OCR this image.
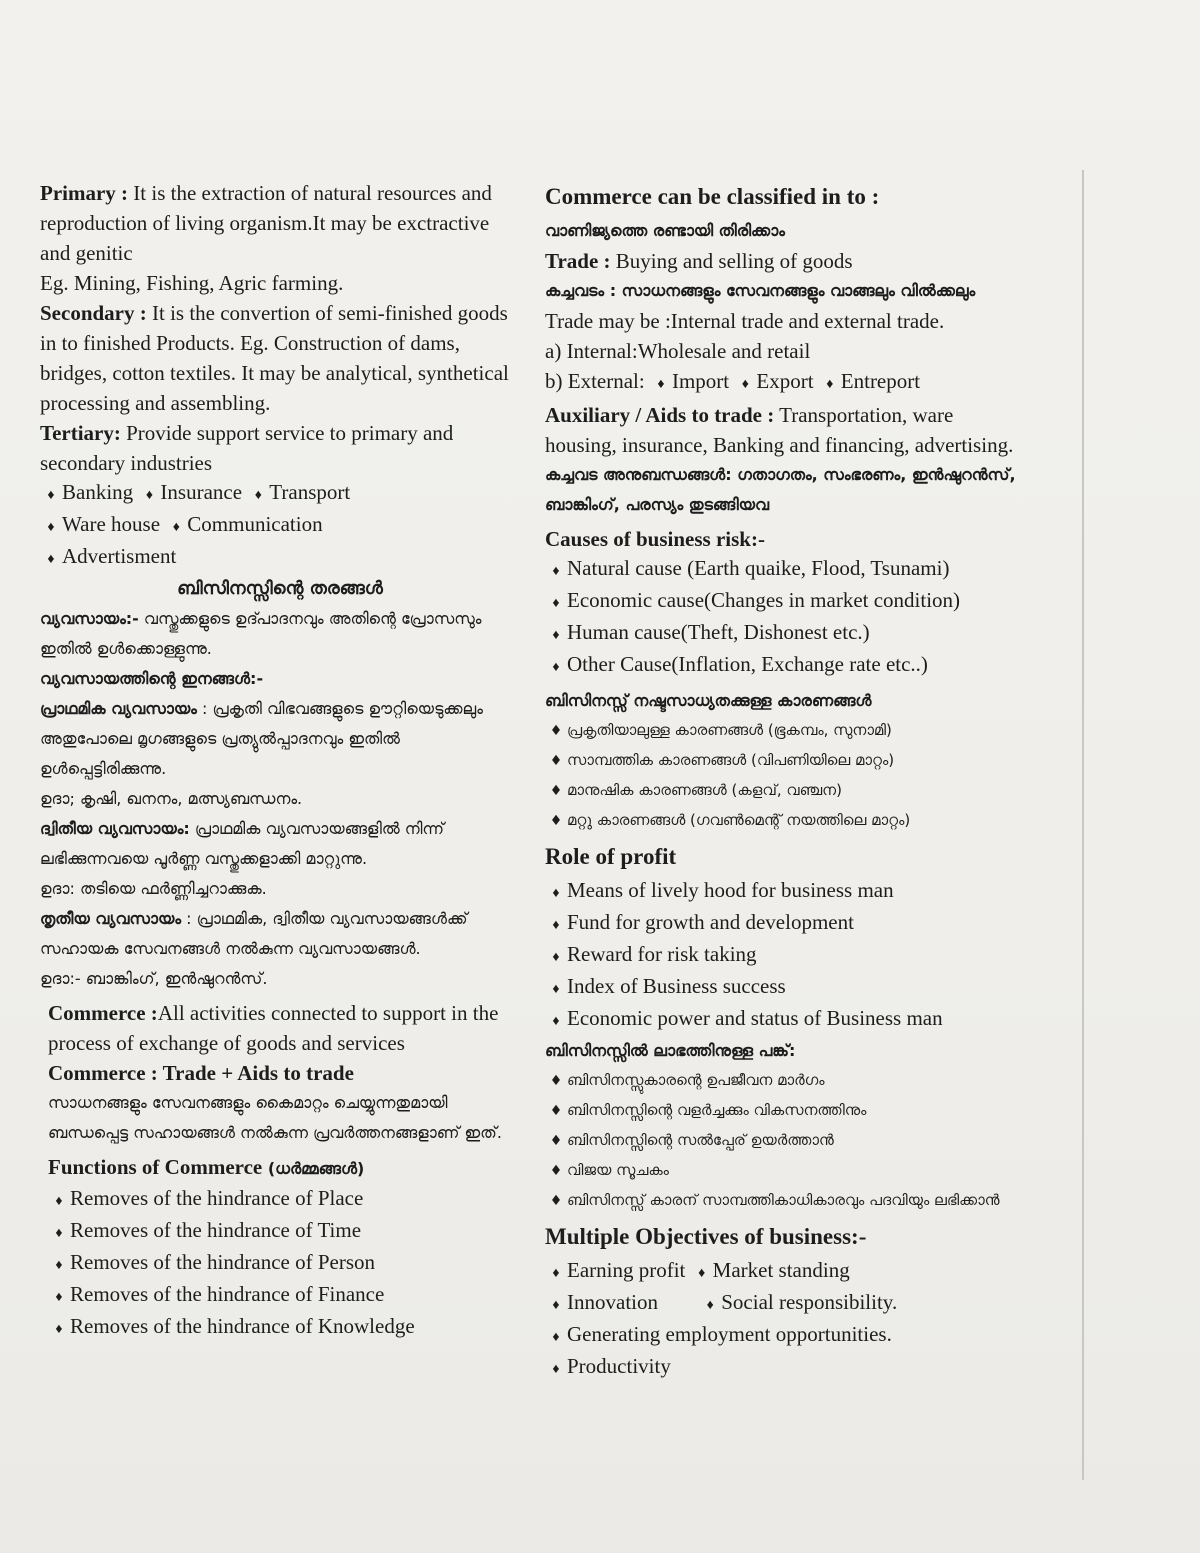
Primary : It is the extraction of natural resources and reproduction of living organism.It may be exctractive and genitic

Eg. Mining, Fishing, Agric farming.

Secondary : It is the convertion of semi-finished goods in to finished Products. Eg. Construction of dams, bridges, cotton textiles. It may be analytical, synthetical processing and assembling.

Tertiary: Provide support service to primary and secondary industries

♦ Banking ♦ Insurance ♦ Transport
♦ Ware house ♦ Communication
♦ Advertisment

ബിസിനസ്സിന്റെ തരങ്ങൾ

വ്യവസായം:- വസ്തുക്കളുടെ ഉദ്പാദനവും അതിന്റെ പ്രോസസും ഇതിൽ ഉൾക്കൊള്ളുന്നു.

വ്യവസായത്തിന്റെ ഇനങ്ങൾ:-

പ്രാഥമിക വ്യവസായം : പ്രകൃതി വിഭവങ്ങളുടെ ഊറ്റിയെടുക്കലും അതുപോലെ മൃഗങ്ങളുടെ പ്രത്യുൽപ്പാദനവും ഇതിൽ ഉൾപ്പെട്ടിരിക്കുന്നു.

ഉദാ; കൃഷി, ഖനനം, മത്സ്യബന്ധനം.

ദ്വിതീയ വ്യവസായം: പ്രാഥമിക വ്യവസായങ്ങളിൽ നിന്ന് ലഭിക്കുന്നവയെ പൂർണ്ണ വസ്തുക്കളാക്കി മാറ്റുന്നു.

ഉദാ: തടിയെ ഫർണ്ണിച്ചറാക്കുക.

തൃതീയ വ്യവസായം : പ്രാഥമിക, ദ്വിതീയ വ്യവസായങ്ങൾക്ക് സഹായക സേവനങ്ങൾ നൽകുന്ന വ്യവസായങ്ങൾ.

ഉദാ:- ബാങ്കിംഗ്, ഇൻഷുറൻസ്.

Commerce :All activities connected to support in the process of exchange of goods and services

Commerce : Trade + Aids to trade

സാധനങ്ങളും സേവനങ്ങളും കൈമാറ്റം ചെയ്യുന്നതുമായി ബന്ധപ്പെട്ട സഹായങ്ങൾ നൽകുന്ന പ്രവർത്തനങ്ങളാണ് ഇത്.

Functions of Commerce (ധർമ്മങ്ങൾ)

♦ Removes of the hindrance of Place
♦ Removes of the hindrance of Time
♦ Removes of the hindrance of Person
♦ Removes of the hindrance of Finance
♦ Removes of the hindrance of Knowledge

Commerce can be classified in to :

വാണിജ്യത്തെ രണ്ടായി തിരിക്കാം

Trade : Buying and selling of goods

കച്ചവടം : സാധനങ്ങളും സേവനങ്ങളും വാങ്ങലും വിൽക്കലും

Trade may be :Internal trade and external trade.

a) Internal:Wholesale and retail

b) External: ♦ Import ♦ Export ♦ Entreport

Auxiliary / Aids to trade : Transportation, ware housing, insurance, Banking and financing, advertising.

കച്ചവട അനുബന്ധങ്ങൾ: ഗതാഗതം, സംഭരണം, ഇൻഷുറൻസ്, ബാങ്കിംഗ്, പരസ്യം തുടങ്ങിയവ

Causes of business risk:-

♦ Natural cause (Earth quaike, Flood, Tsunami)
♦ Economic cause(Changes in market condition)
♦ Human cause(Theft, Dishonest etc.)
♦ Other Cause(Inflation, Exchange rate etc..)

ബിസിനസ്സ് നഷ്ടസാധ്യതക്കുള്ള കാരണങ്ങൾ

♦ പ്രകൃതിയാലുള്ള കാരണങ്ങൾ (ഭൂകമ്പം, സുനാമി)
♦ സാമ്പത്തിക കാരണങ്ങൾ (വിപണിയിലെ മാറ്റം)
♦ മാനുഷിക കാരണങ്ങൾ (കളവ്, വഞ്ചന)
♦ മറ്റു കാരണങ്ങൾ (ഗവൺമെന്റ് നയത്തിലെ മാറ്റം)

Role of profit

♦ Means of lively hood for business man
♦ Fund for growth and development
♦ Reward for risk taking
♦ Index of Business success
♦ Economic power and status of Business man

ബിസിനസ്സിൽ ലാഭത്തിനുള്ള പങ്ക്:

♦ ബിസിനസ്സുകാരന്റെ ഉപജീവന മാർഗം
♦ ബിസിനസ്സിന്റെ വളർച്ചക്കും വികസനത്തിനും
♦ ബിസിനസ്സിന്റെ സൽപ്പേര് ഉയർത്താൻ
♦ വിജയ സൂചകം
♦ ബിസിനസ്സ് കാരന് സാമ്പത്തികാധികാരവും പദവിയും ലഭിക്കാൻ

Multiple Objectives of business:-

♦ Earning profit ♦ Market standing
♦ Innovation	♦ Social responsibility.
♦ Generating employment opportunities.
♦ Productivity
